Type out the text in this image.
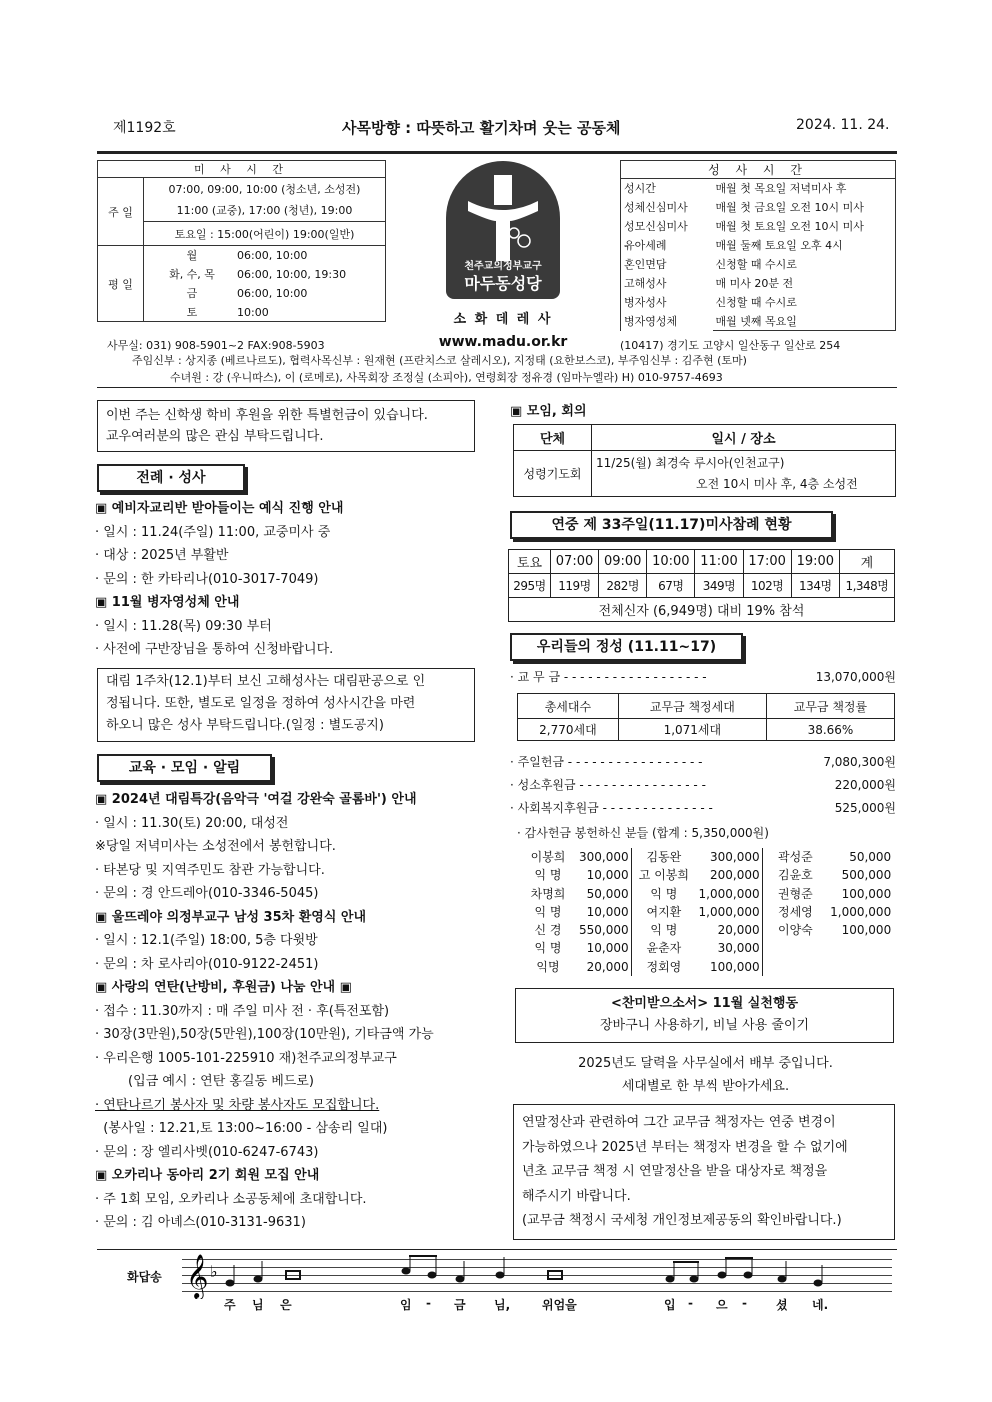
제1192호	사목방향 : 따뜻하고 활기차며 웃는 공동체	2024. 11. 24.
미 사 시 간	
주 일	07:00, 09:00, 10:00 (청소년, 소성전)
	11:00 (교중), 17:00 (청년), 19:00
	토요일 : 15:00(어린이) 19:00(일반)
평 일	월 06:00, 10:00
	화, 수, 목 06:00, 10:00, 19:30
	금 06:00, 10:00
	토 10:00
천주교의정부교구
마두동성당
소 화 데 레 사
www.madu.or.kr
성 사 시 간	
성시간	매월 첫 목요일 저녁미사 후
성체신심미사	매월 첫 금요일 오전 10시 미사
성모신심미사	매월 첫 토요일 오전 10시 미사
유아세례	매월 둘째 토요일 오후 4시
혼인면담	신청할 때 수시로
고해성사	매 미사 20분 전
병자성사	신청할 때 수시로
병자영성체	매월 넷째 목요일
사무실: 031) 908-5901~2 FAX:908-5903	(10417) 경기도 고양시 일산동구 일산로 254
주임신부 : 상지종 (베르나르도), 협력사목신부 : 원재현 (프란치스코 살레시오), 지정태 (요한보스코), 부주임신부 : 김주현 (토마)
수녀원 : 강 (우니따스), 이 (로메로), 사목회장 조정실 (소피아), 연령회장 정유경 (임마누엘라) H) 010-9757-4693
이번 주는 신학생 학비 후원을 위한 특별헌금이 있습니다.
교우여러분의 많은 관심 부탁드립니다.
전례 · 성사
▣ 예비자교리반 받아들이는 예식 진행 안내
· 일시 : 11.24(주일) 11:00, 교중미사 중
· 대상 : 2025년 부활반
· 문의 : 한 카타리나(010-3017-7049)
▣ 11월 병자영성체 안내
· 일시 : 11.28(목) 09:30 부터
· 사전에 구반장님을 통하여 신청바랍니다.
대림 1주차(12.1)부터 보신 고해성사는 대림판공으로 인
정됩니다. 또한, 별도로 일정을 정하여 성사시간을 마련
하오니 많은 성사 부탁드립니다.(일정 : 별도공지)
교육 · 모임 · 알림
▣ 2024년 대림특강(음악극 '여걸 강완숙 골롬바') 안내
· 일시 : 11.30(토) 20:00, 대성전
※당일 저녁미사는 소성전에서 봉헌합니다.
· 타본당 및 지역주민도 참관 가능합니다.
· 문의 : 경 안드레아(010-3346-5045)
▣ 울뜨레야 의정부교구 남성 35차 환영식 안내
· 일시 : 12.1(주일) 18:00, 5층 다윗방
· 문의 : 차 로사리아(010-9122-2451)
▣ 사랑의 연탄(난방비, 후원금) 나눔 안내 ▣
· 접수 : 11.30까지 : 매 주일 미사 전 · 후(특전포함)
· 30장(3만원),50장(5만원),100장(10만원), 기타금액 가능
· 우리은행 1005-101-225910 재)천주교의정부교구
(입금 예시 : 연탄 홍길동 베드로)
· 연탄나르기 봉사자 및 차량 봉사자도 모집합니다.
(봉사일 : 12.21,토 13:00~16:00 - 삼송리 일대)
· 문의 : 장 엘리사벳(010-6247-6743)
▣ 오카리나 동아리 2기 회원 모집 안내
· 주 1회 모임, 오카리나 소공동체에 초대합니다.
· 문의 : 김 아녜스(010-3131-9631)
▣ 모임, 회의
단체	일시 / 장소
성령기도회	11/25(월) 최경숙 루시아(인천교구)
오전 10시 미사 후, 4층 소성전
연중 제 33주일(11.17)미사참례 현황
토요	07:00	09:00	10:00	11:00	17:00	19:00	계
295명	119명	282명	67명	349명	102명	134명	1,348명
전체신자 (6,949명) 대비 19% 참석							
우리들의 정성 (11.11~17)
· 교 무 금 - - - - - - - - - - - - - - - - - -	13,070,000원
총세대수	교무금 책정세대	교무금 책정률
2,770세대	1,071세대	38.66%
· 주일헌금 - - - - - - - - - - - - - - - - -	7,080,300원
· 성소후원금 - - - - - - - - - - - - - - - -	220,000원
· 사회복지후원금 - - - - - - - - - - - - - -	525,000원
· 감사헌금 봉헌하신 분들 (합계 : 5,350,000원)
이봉희	300,000	김동완	300,000	곽성준	50,000
익 명	10,000	고 이봉희	200,000	김윤호	500,000
차명희	50,000	익 명	1,000,000	권형준	100,000
익 명	10,000	여지환	1,000,000	정세영	1,000,000
신 경	550,000	익 명	20,000	이양숙	100,000
익 명	10,000	윤춘자	30,000		
익명	20,000	정회영	100,000		
<찬미받으소서> 11월 실천행동
장바구니 사용하기, 비닐 사용 줄이기
2025년도 달력을 사무실에서 배부 중입니다.
세대별로 한 부씩 받아가세요.
연말정산과 관련하여 그간 교무금 책정자는 연중 변경이
가능하였으나 2025년 부터는 책정자 변경을 할 수 없기에
년초 교무금 책정 시 연말정산을 받을 대상자로 책정을
해주시기 바랍니다.
(교무금 책정시 국세청 개인정보제공동의 확인바랍니다.)
화답송 𝄞 ♭
주 님 은	임 - 금 님,	위엄을	입 - 으 - 셨 네.
